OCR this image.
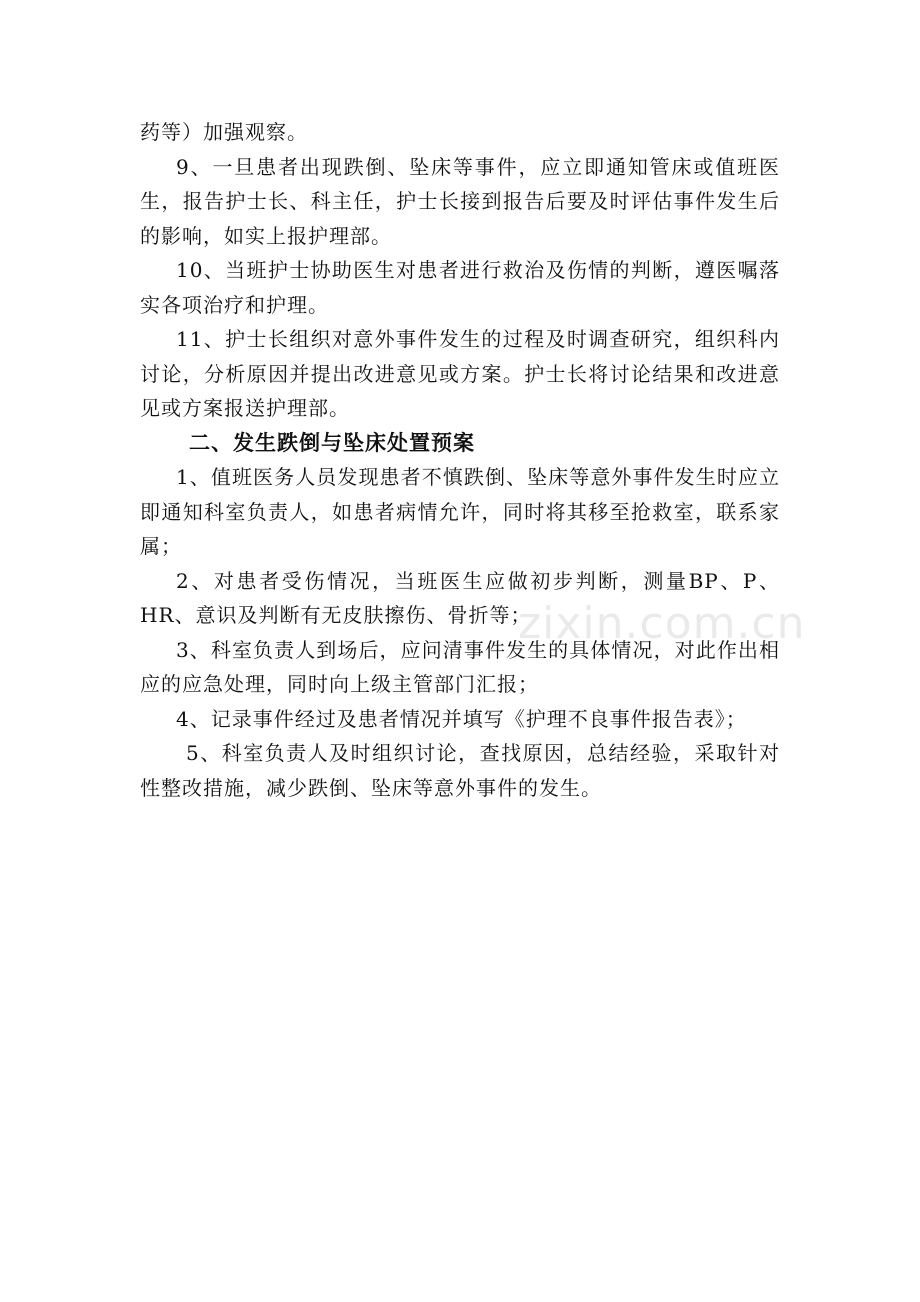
药等）加强观察。

9、一旦患者出现跌倒、坠床等事件，应立即通知管床或值班医生，报告护士长、科主任，护士长接到报告后要及时评估事件发生后的影响，如实上报护理部。

10、当班护士协助医生对患者进行救治及伤情的判断，遵医嘱落实各项治疗和护理。

11、护士长组织对意外事件发生的过程及时调查研究，组织科内讨论，分析原因并提出改进意见或方案。护士长将讨论结果和改进意见或方案报送护理部。

二、发生跌倒与坠床处置预案

1、值班医务人员发现患者不慎跌倒、坠床等意外事件发生时应立即通知科室负责人，如患者病情允许，同时将其移至抢救室，联系家属；

2、对患者受伤情况，当班医生应做初步判断，测量BP、P、HR、意识及判断有无皮肤擦伤、骨折等；

3、科室负责人到场后，应问清事件发生的具体情况，对此作出相应的应急处理，同时向上级主管部门汇报；

4、记录事件经过及患者情况并填写《护理不良事件报告表》；

5、科室负责人及时组织讨论，查找原因，总结经验，采取针对性整改措施，减少跌倒、坠床等意外事件的发生。

zixin.com.cn
